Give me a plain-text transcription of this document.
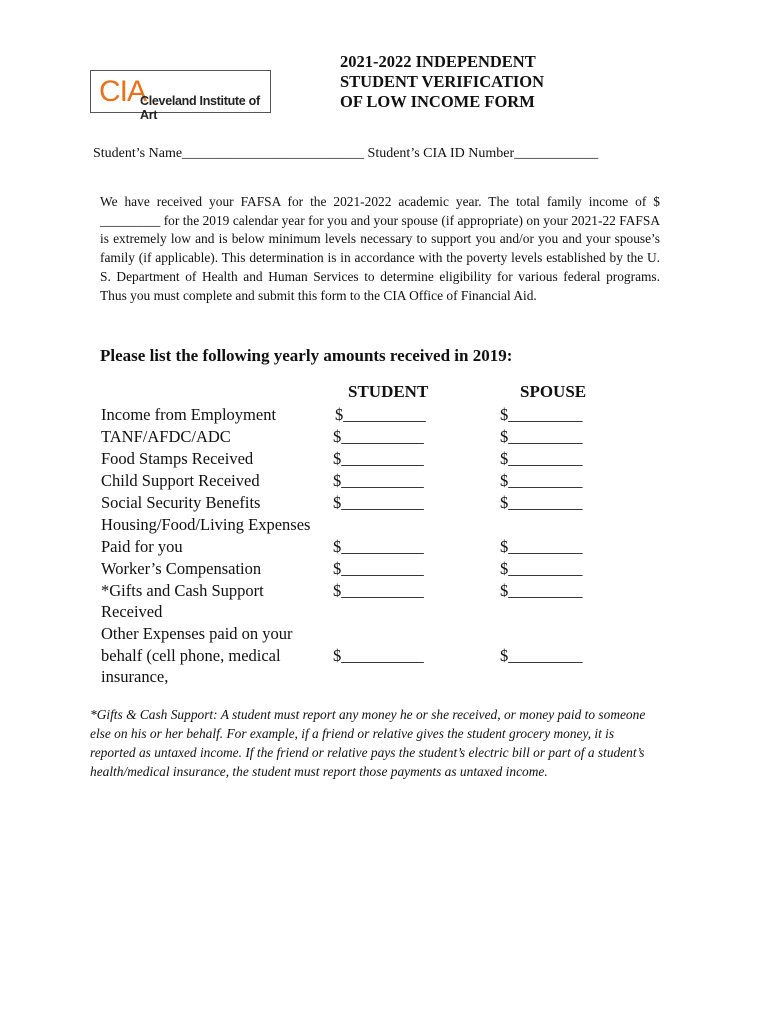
CIA
Cleveland Institute of Art
2021-2022 INDEPENDENT
STUDENT VERIFICATION
OF LOW INCOME FORM
Student’s Name__________________________ Student’s CIA ID Number____________
We have received your FAFSA for the 2021-2022 academic year. The total family income of $ _________ for the 2019 calendar year for you and your spouse (if appropriate) on your 2021-22 FAFSA is extremely low and is below minimum levels necessary to support you and/or you and your spouse’s family (if applicable). This determination is in accordance with the poverty levels established by the U. S. Department of Health and Human Services to determine eligibility for various federal programs. Thus you must complete and submit this form to the CIA Office of Financial Aid.
Please list the following yearly amounts received in 2019:
STUDENT	SPOUSE
Income from Employment	$__________	$_________
TANF/AFDC/ADC	$__________	$_________
Food Stamps Received	$__________	$_________
Child Support Received	$__________	$_________
Social Security Benefits	$__________	$_________
Housing/Food/Living Expenses
Paid for you	$__________	$_________
Worker’s Compensation	$__________	$_________
*Gifts and Cash Support	$__________	$_________
Received
Other Expenses paid on your
behalf (cell phone, medical	$__________	$_________
insurance,
*Gifts & Cash Support: A student must report any money he or she received, or money paid to someone else on his or her behalf. For example, if a friend or relative gives the student grocery money, it is reported as untaxed income. If the friend or relative pays the student’s electric bill or part of a student’s health/medical insurance, the student must report those payments as untaxed income.
